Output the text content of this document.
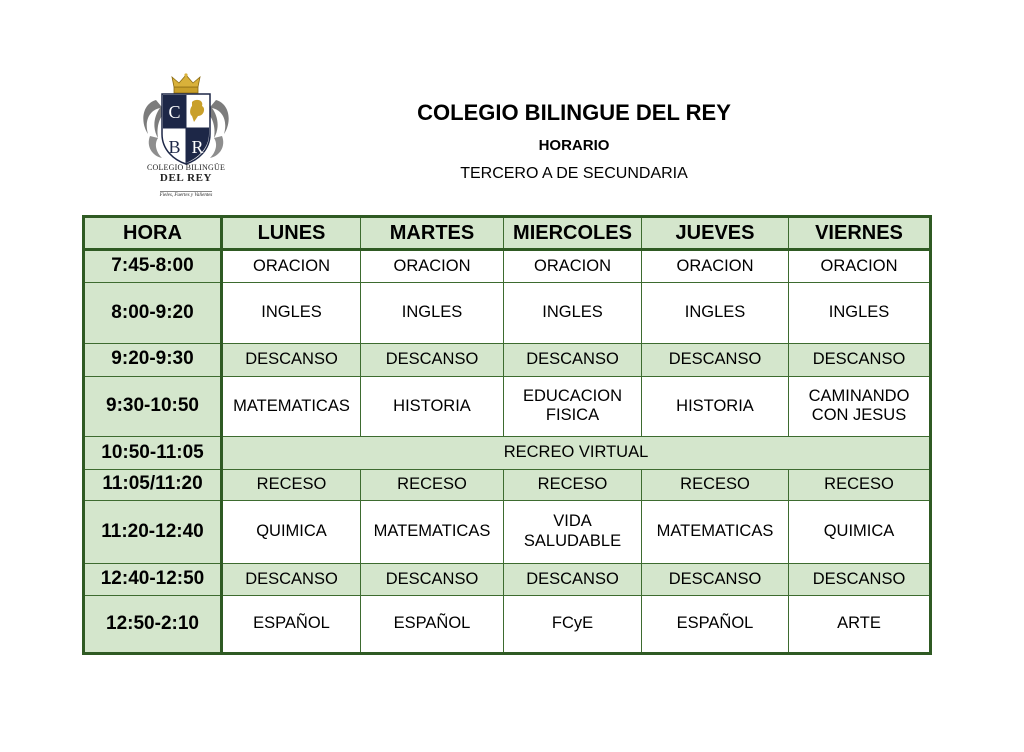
C
B R
COLEGIO BILINGÜE
DEL REY
Fieles, Fuertes y Valientes
COLEGIO BILINGUE DEL REY
HORARIO
TERCERO A DE SECUNDARIA
HORA	LUNES	MARTES	MIERCOLES	JUEVES	VIERNES
7:45-8:00	ORACION	ORACION	ORACION	ORACION	ORACION
8:00-9:20	INGLES	INGLES	INGLES	INGLES	INGLES
9:20-9:30	DESCANSO	DESCANSO	DESCANSO	DESCANSO	DESCANSO
9:30-10:50	MATEMATICAS	HISTORIA	EDUCACION FISICA	HISTORIA	CAMINANDO CON JESUS
10:50-11:05	RECREO VIRTUAL				
11:05/11:20	RECESO	RECESO	RECESO	RECESO	RECESO
11:20-12:40	QUIMICA	MATEMATICAS	VIDA SALUDABLE	MATEMATICAS	QUIMICA
12:40-12:50	DESCANSO	DESCANSO	DESCANSO	DESCANSO	DESCANSO
12:50-2:10	ESPAÑOL	ESPAÑOL	FCyE	ESPAÑOL	ARTE
